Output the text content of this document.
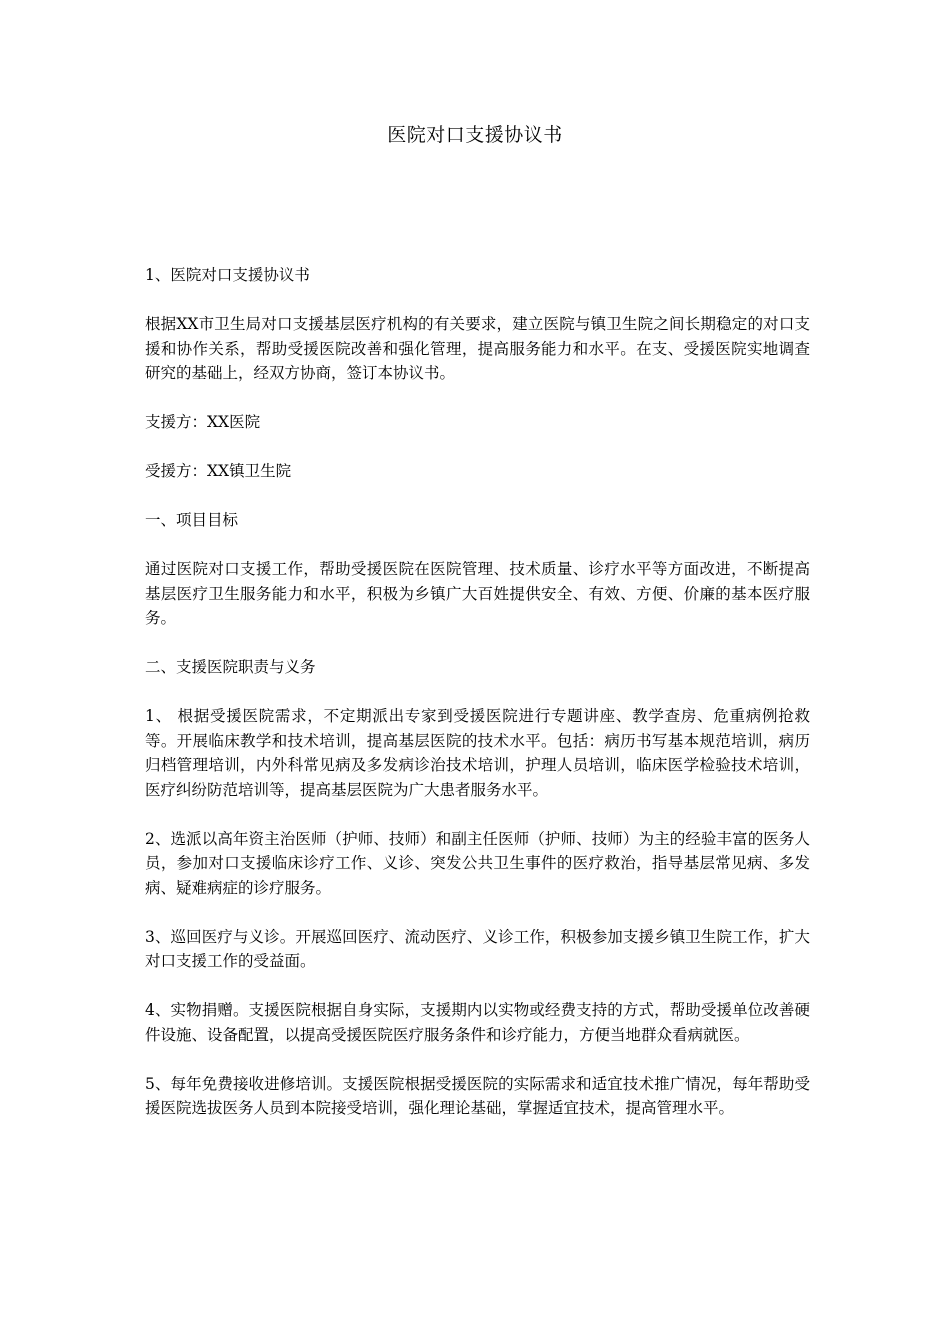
医院对口支援协议书

1、医院对口支援协议书

根据XX市卫生局对口支援基层医疗机构的有关要求，建立医院与镇卫生院之间长期稳定的对口支援和协作关系，帮助受援医院改善和强化管理，提高服务能力和水平。在支、受援医院实地调查研究的基础上，经双方协商，签订本协议书。

支援方：XX医院

受援方：XX镇卫生院

一、项目目标

通过医院对口支援工作，帮助受援医院在医院管理、技术质量、诊疗水平等方面改进，不断提高基层医疗卫生服务能力和水平，积极为乡镇广大百姓提供安全、有效、方便、价廉的基本医疗服务。

二、支援医院职责与义务

1、 根据受援医院需求，不定期派出专家到受援医院进行专题讲座、教学查房、危重病例抢救等。开展临床教学和技术培训，提高基层医院的技术水平。包括：病历书写基本规范培训，病历归档管理培训，内外科常见病及多发病诊治技术培训，护理人员培训，临床医学检验技术培训，医疗纠纷防范培训等，提高基层医院为广大患者服务水平。

2、选派以高年资主治医师（护师、技师）和副主任医师（护师、技师）为主的经验丰富的医务人员，参加对口支援临床诊疗工作、义诊、突发公共卫生事件的医疗救治，指导基层常见病、多发病、疑难病症的诊疗服务。

3、巡回医疗与义诊。开展巡回医疗、流动医疗、义诊工作，积极参加支援乡镇卫生院工作，扩大对口支援工作的受益面。

4、实物捐赠。支援医院根据自身实际，支援期内以实物或经费支持的方式，帮助受援单位改善硬件设施、设备配置，以提高受援医院医疗服务条件和诊疗能力，方便当地群众看病就医。

5、每年免费接收进修培训。支援医院根据受援医院的实际需求和适宜技术推广情况，每年帮助受援医院选拔医务人员到本院接受培训，强化理论基础，掌握适宜技术，提高管理水平。
